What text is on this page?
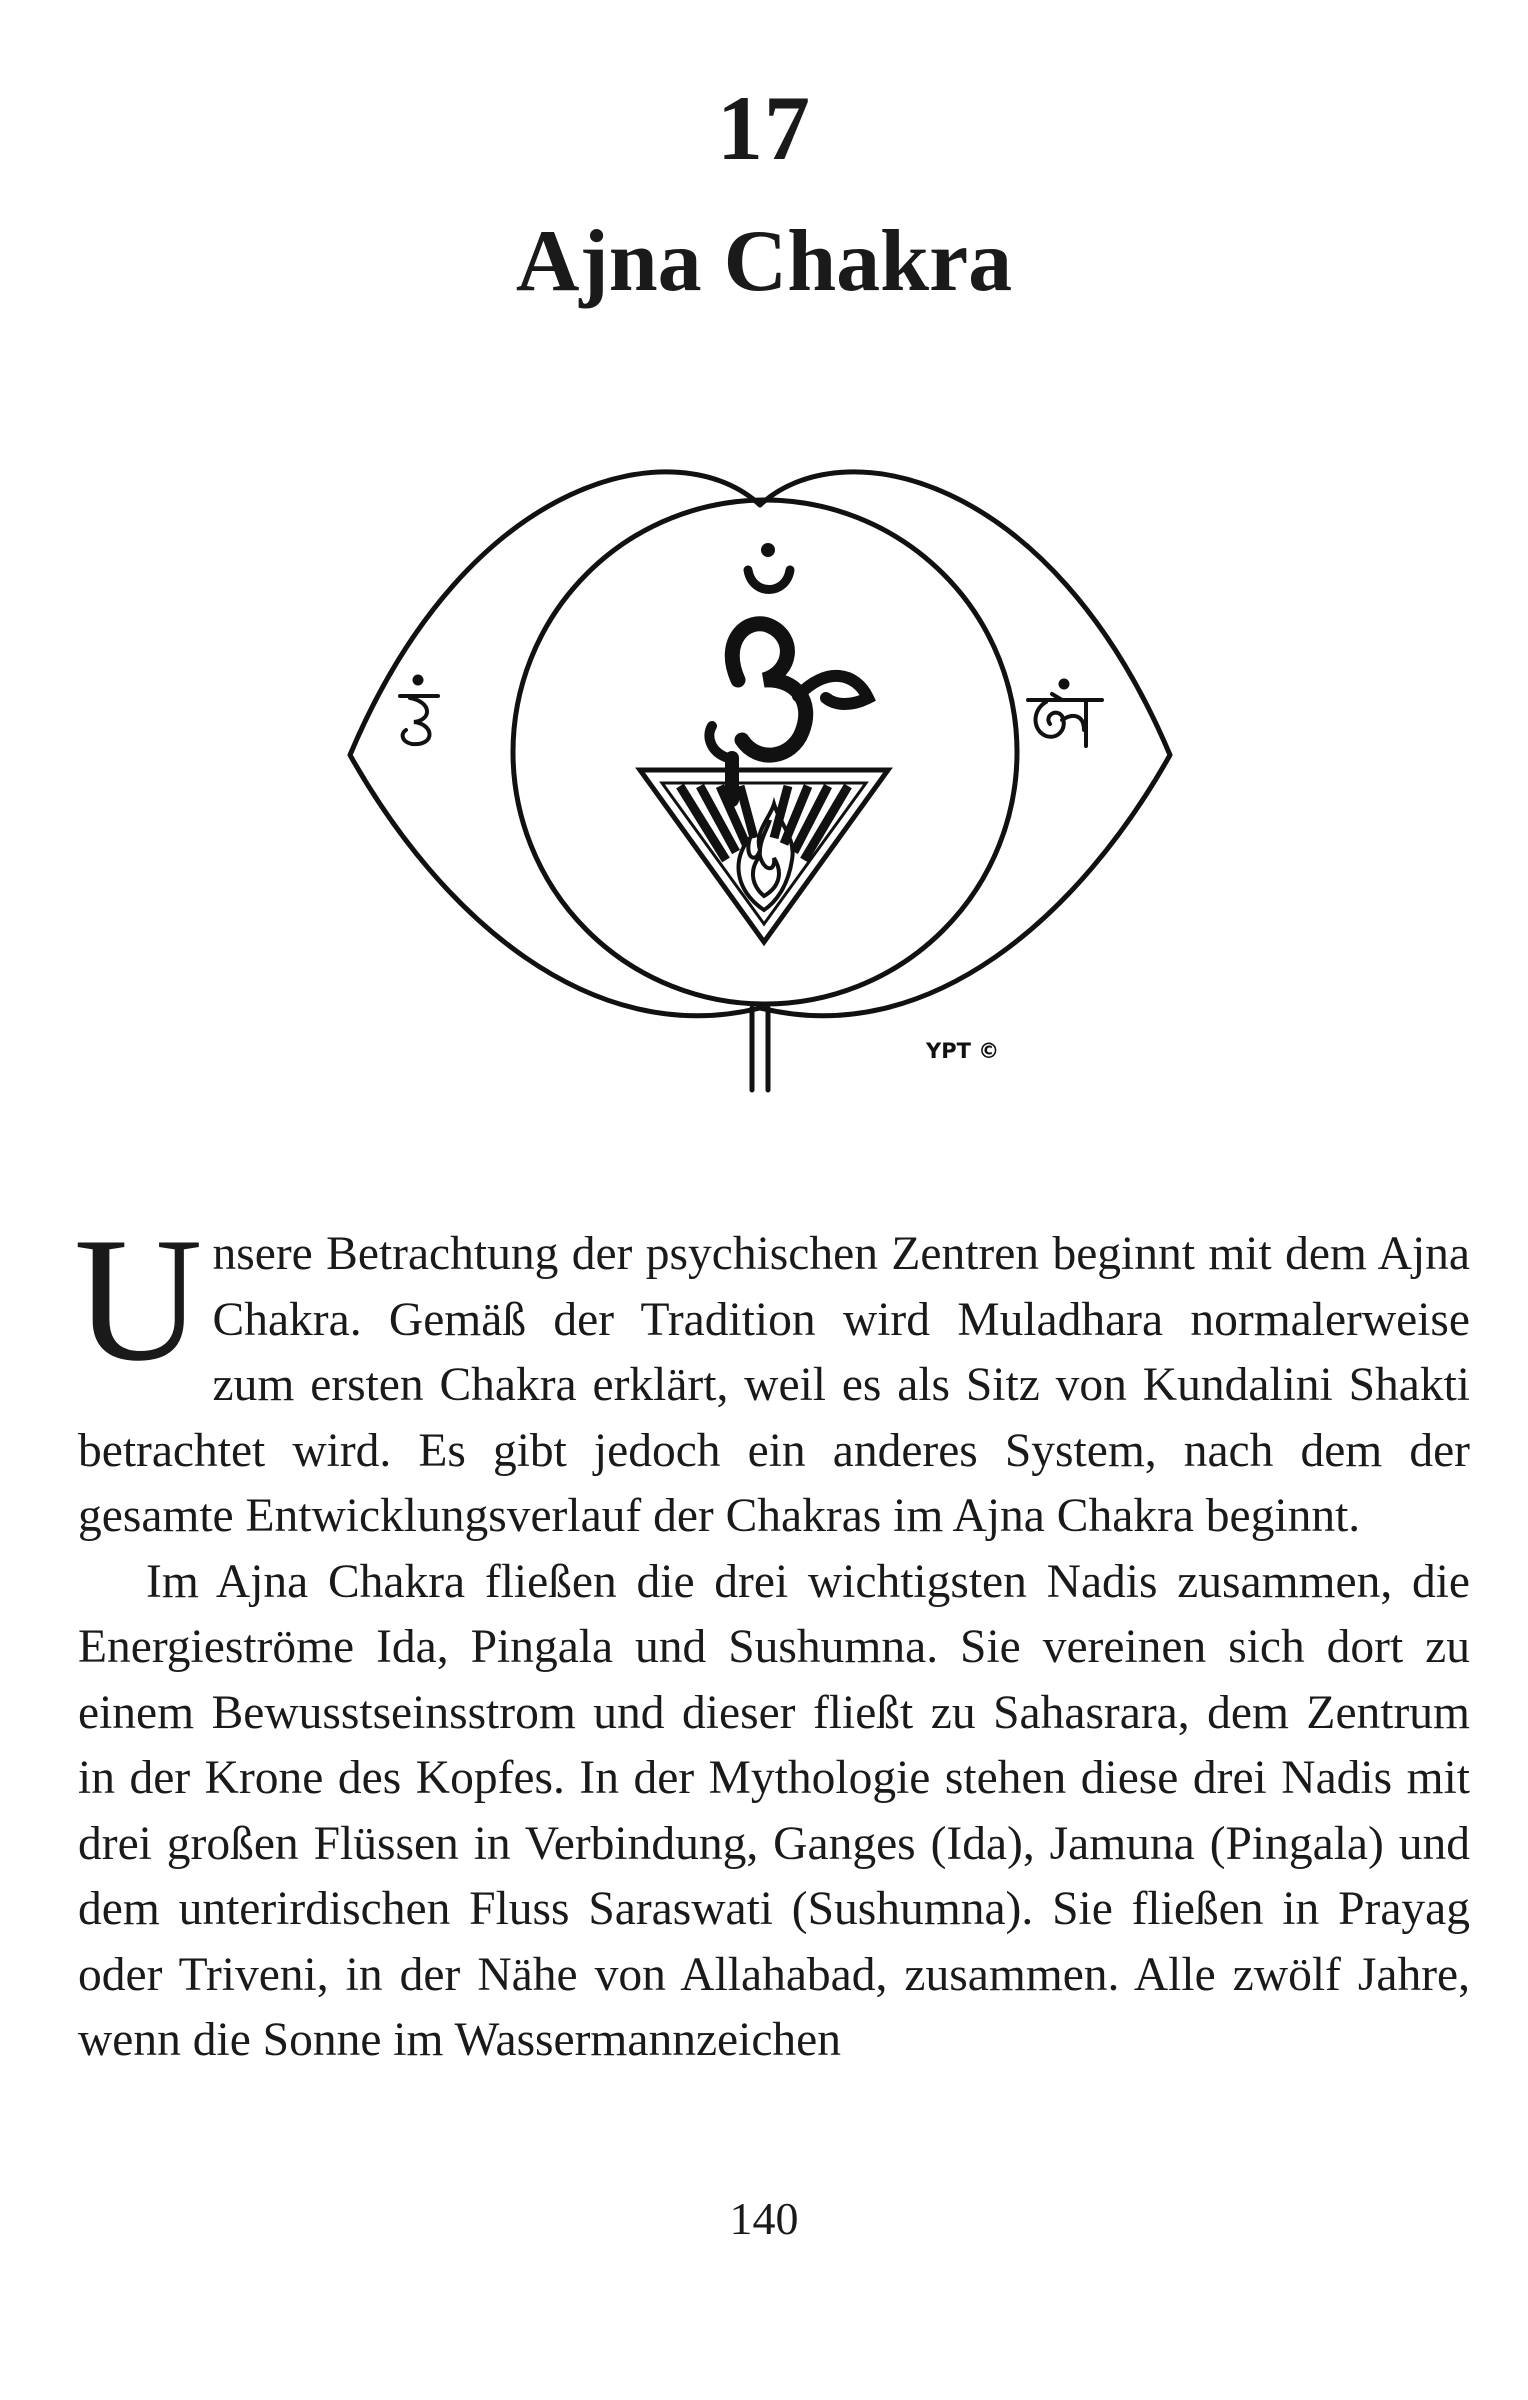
17
Ajna Chakra
YPT ©

Unsere Betrachtung der psychischen Zentren beginnt mit dem Ajna Chakra. Gemäß der Tradition wird Muladhara normalerweise zum ersten Chakra erklärt, weil es als Sitz von Kundalini Shakti betrachtet wird. Es gibt jedoch ein anderes System, nach dem der gesamte Entwicklungsverlauf der Chakras im Ajna Chakra beginnt.

Im Ajna Chakra fließen die drei wichtigsten Nadis zusammen, die Energieströme Ida, Pingala und Sushumna. Sie vereinen sich dort zu einem Bewusstseinsstrom und dieser fließt zu Sahasrara, dem Zentrum in der Krone des Kopfes. In der Mythologie stehen diese drei Nadis mit drei großen Flüssen in Verbindung, Ganges (Ida), Jamuna (Pingala) und dem unterirdischen Fluss Saraswati (Sushumna). Sie fließen in Prayag oder Triveni, in der Nähe von Allahabad, zusammen. Alle zwölf Jahre, wenn die Sonne im Wassermannzeichen

140
